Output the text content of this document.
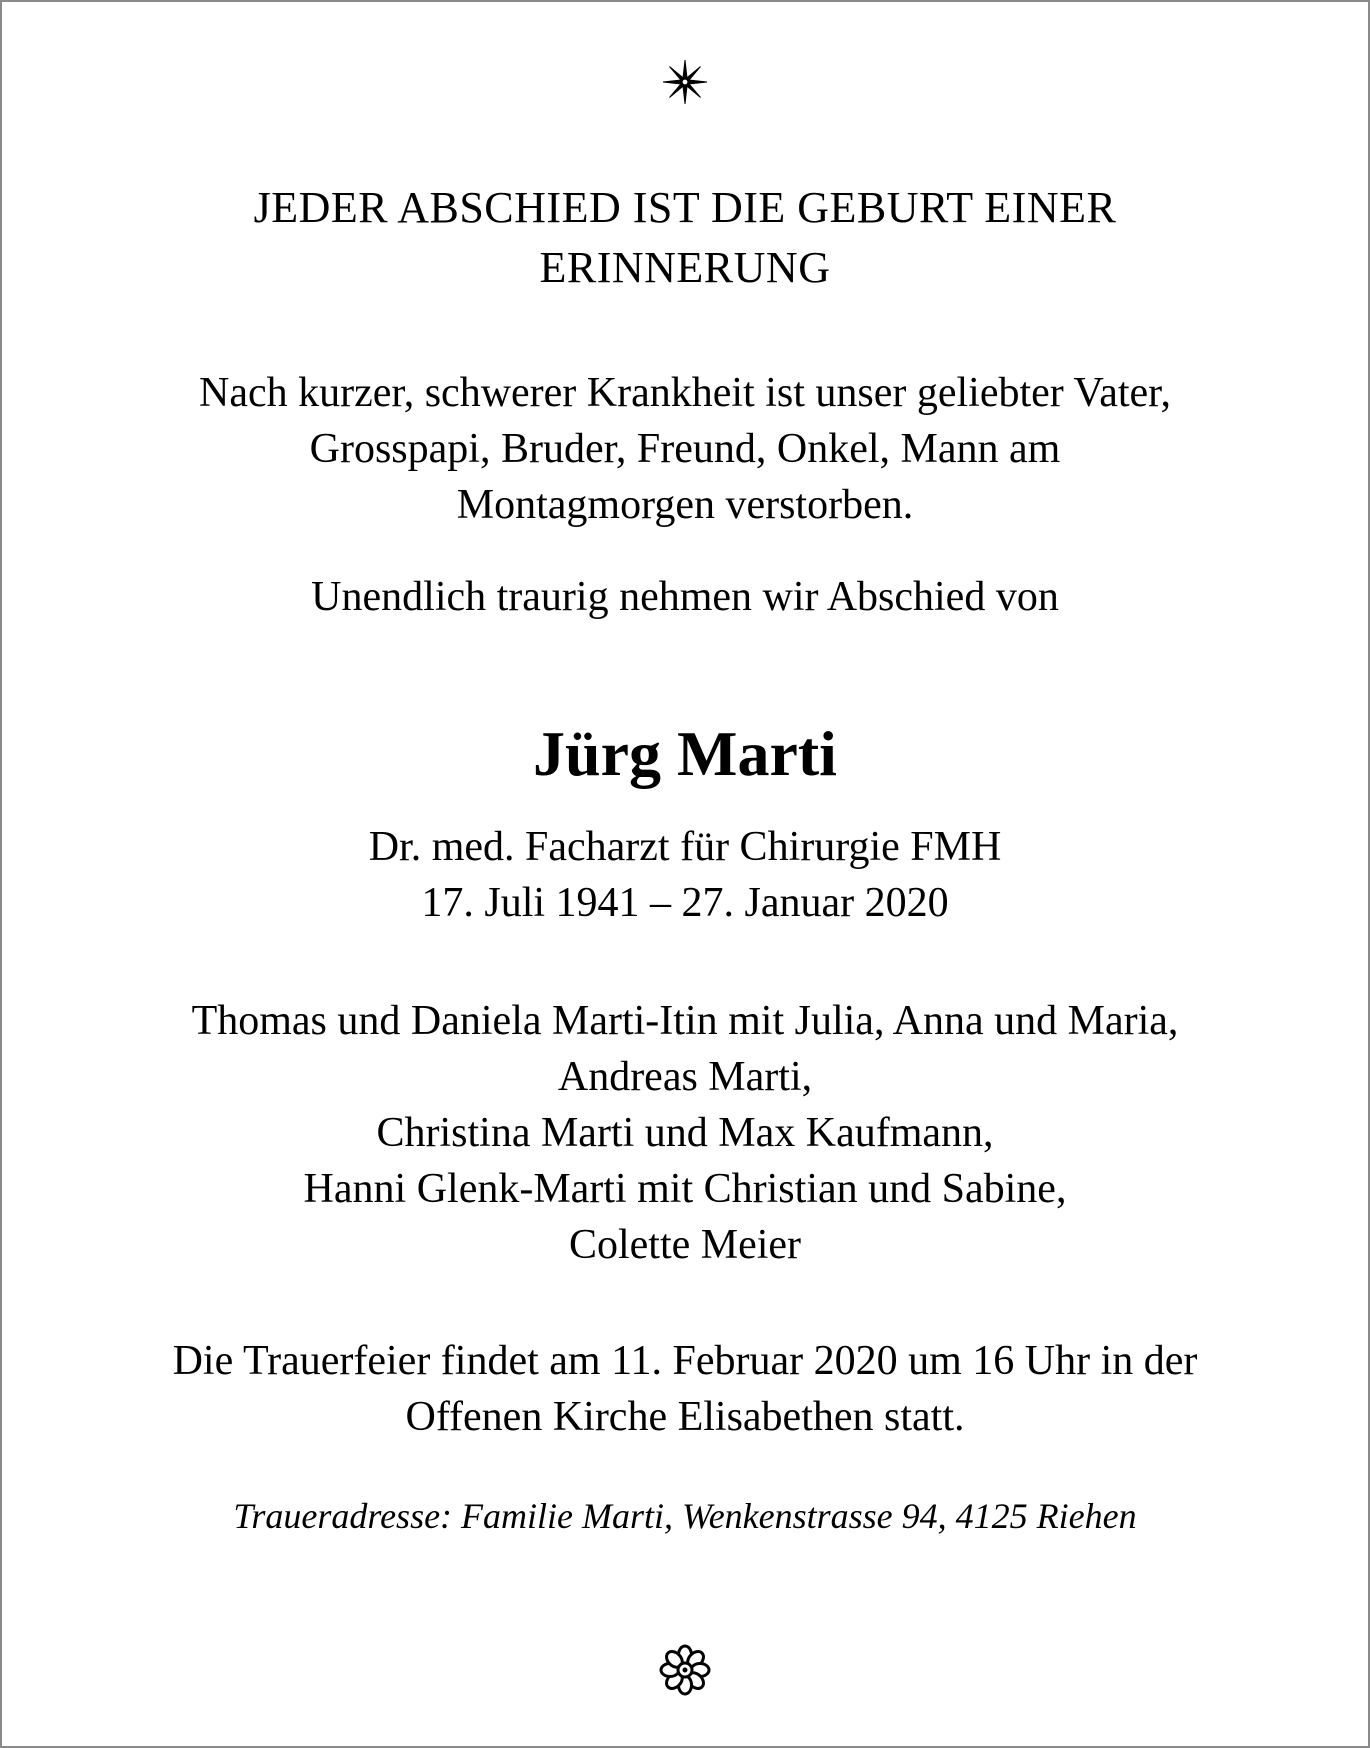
JEDER ABSCHIED IST DIE GEBURT EINER
ERINNERUNG
Nach kurzer, schwerer Krankheit ist unser geliebter Vater,
Grosspapi, Bruder, Freund, Onkel, Mann am
Montagmorgen verstorben.
Unendlich traurig nehmen wir Abschied von
Jürg Marti
Dr. med. Facharzt für Chirurgie FMH
17. Juli 1941 – 27. Januar 2020
Thomas und Daniela Marti-Itin mit Julia, Anna und Maria,
Andreas Marti,
Christina Marti und Max Kaufmann,
Hanni Glenk-Marti mit Christian und Sabine,
Colette Meier
Die Trauerfeier findet am 11. Februar 2020 um 16 Uhr in der
Offenen Kirche Elisabethen statt.
Traueradresse: Familie Marti, Wenkenstrasse 94, 4125 Riehen
